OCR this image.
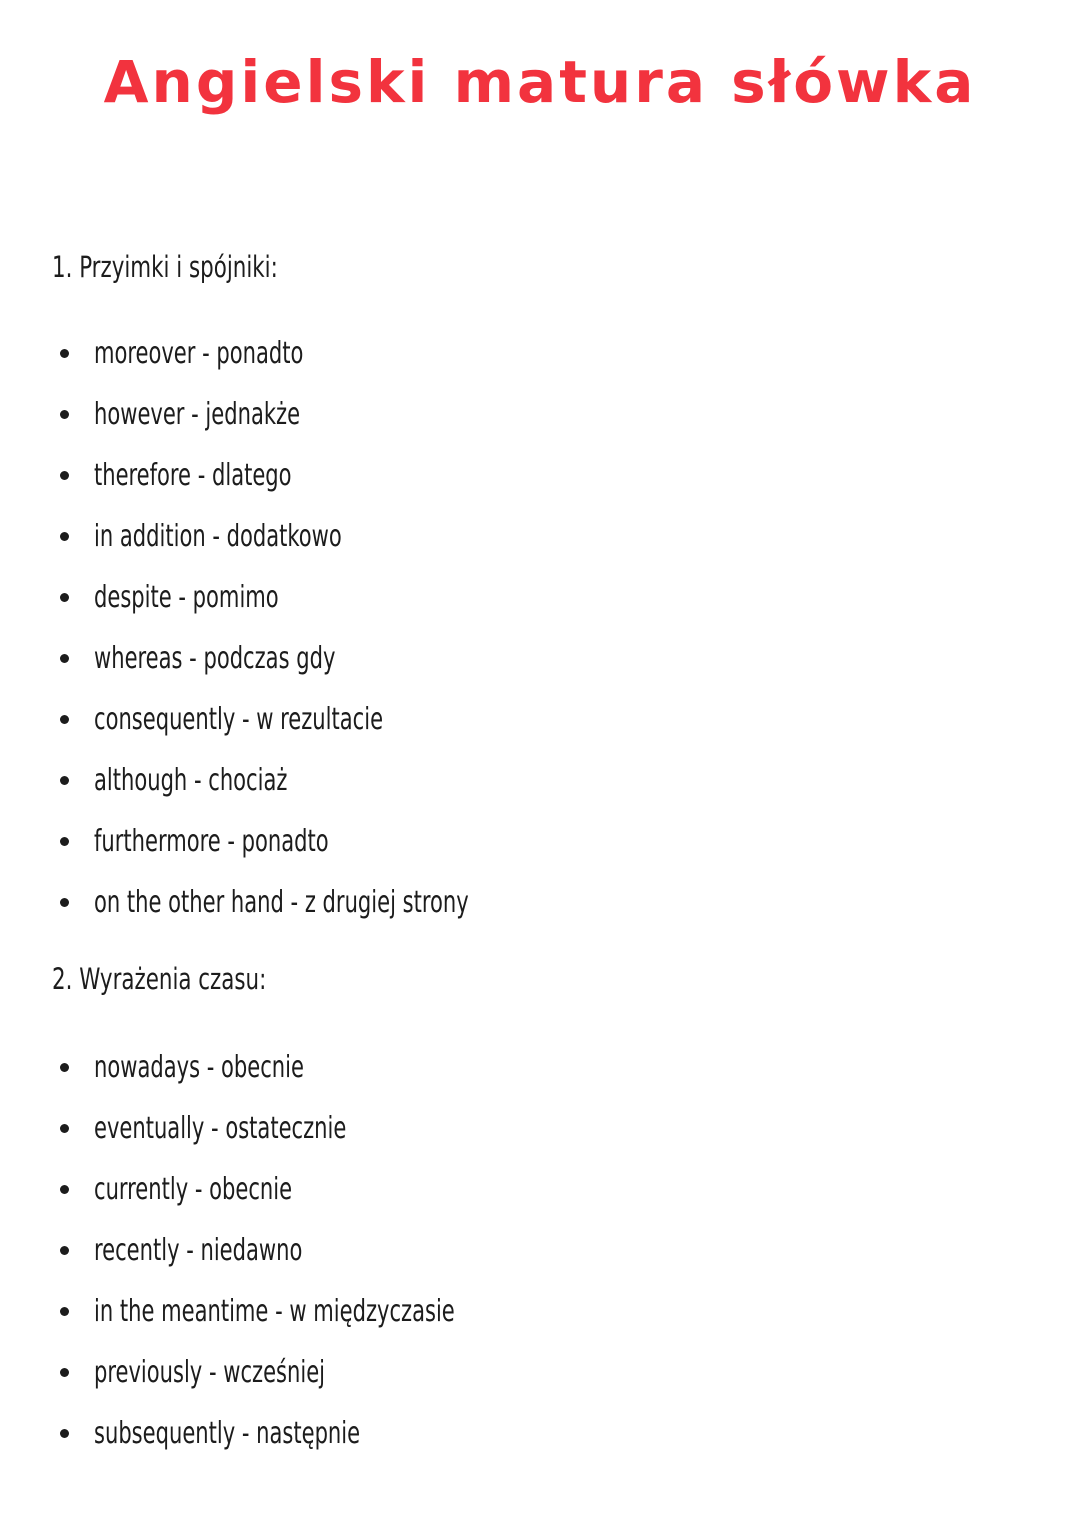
Angielski matura słówka
1. Przyimki i spójniki:
moreover - ponadto
however - jednakże
therefore - dlatego
in addition - dodatkowo
despite - pomimo
whereas - podczas gdy
consequently - w rezultacie
although - chociaż
furthermore - ponadto
on the other hand - z drugiej strony
2. Wyrażenia czasu:
nowadays - obecnie
eventually - ostatecznie
currently - obecnie
recently - niedawno
in the meantime - w międzyczasie
previously - wcześniej
subsequently - następnie
